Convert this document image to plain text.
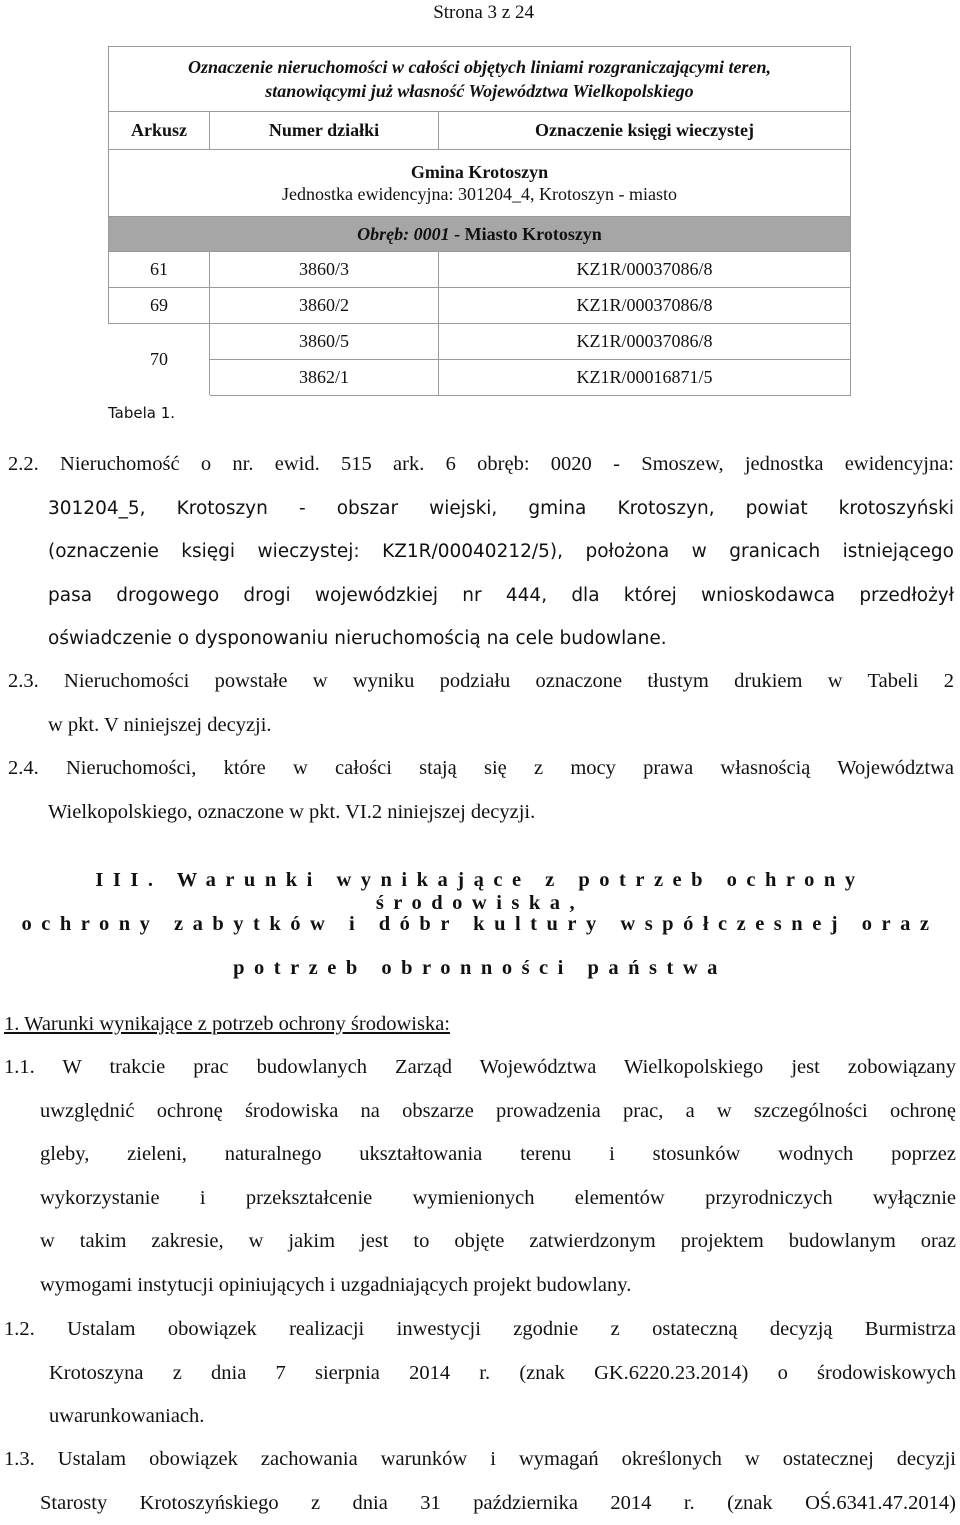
Strona 3 z 24
Oznaczenie nieruchomości w całości objętych liniami rozgraniczającymi teren,
stanowiącymi już własność Województwa Wielkopolskiego		

Arkusz	Numer działki	Oznaczenie księgi wieczystej

Gmina Krotoszyn
Jednostka ewidencyjna: 301204_4, Krotoszyn - miasto		

Obręb: 0001 - Miasto Krotoszyn		
61	3860/3	KZ1R/00037086/8
69	3860/2	KZ1R/00037086/8
70	3860/5	KZ1R/00037086/8
	3862/1	KZ1R/00016871/5
Tabela 1.
2.2. Nieruchomość o nr. ewid. 515 ark. 6 obręb: 0020 - Smoszew, jednostka ewidencyjna:
301204_5, Krotoszyn - obszar wiejski, gmina Krotoszyn, powiat krotoszyński
(oznaczenie księgi wieczystej: KZ1R/00040212/5), położona w granicach istniejącego
pasa drogowego drogi wojewódzkiej nr 444, dla której wnioskodawca przedłożył
oświadczenie o dysponowaniu nieruchomością na cele budowlane.
2.3. Nieruchomości powstałe w wyniku podziału oznaczone tłustym drukiem w Tabeli 2
w pkt. V niniejszej decyzji.
2.4. Nieruchomości, które w całości stają się z mocy prawa własnością Województwa
Wielkopolskiego, oznaczone w pkt. VI.2 niniejszej decyzji.
III. Warunki wynikające z potrzeb ochrony środowiska,
ochrony zabytków i dóbr kultury współczesnej oraz
potrzeb obronności państwa
1. Warunki wynikające z potrzeb ochrony środowiska:
1.1. W trakcie prac budowlanych Zarząd Województwa Wielkopolskiego jest zobowiązany
uwzględnić ochronę środowiska na obszarze prowadzenia prac, a w szczególności ochronę
gleby, zieleni, naturalnego ukształtowania terenu i stosunków wodnych poprzez
wykorzystanie i przekształcenie wymienionych elementów przyrodniczych wyłącznie
w takim zakresie, w jakim jest to objęte zatwierdzonym projektem budowlanym oraz
wymogami instytucji opiniujących i uzgadniających projekt budowlany.
1.2. Ustalam obowiązek realizacji inwestycji zgodnie z ostateczną decyzją Burmistrza
Krotoszyna z dnia 7 sierpnia 2014 r. (znak GK.6220.23.2014) o środowiskowych
uwarunkowaniach.
1.3. Ustalam obowiązek zachowania warunków i wymagań określonych w ostatecznej decyzji
Starosty Krotoszyńskiego z dnia 31 października 2014 r. (znak OŚ.6341.47.2014)
